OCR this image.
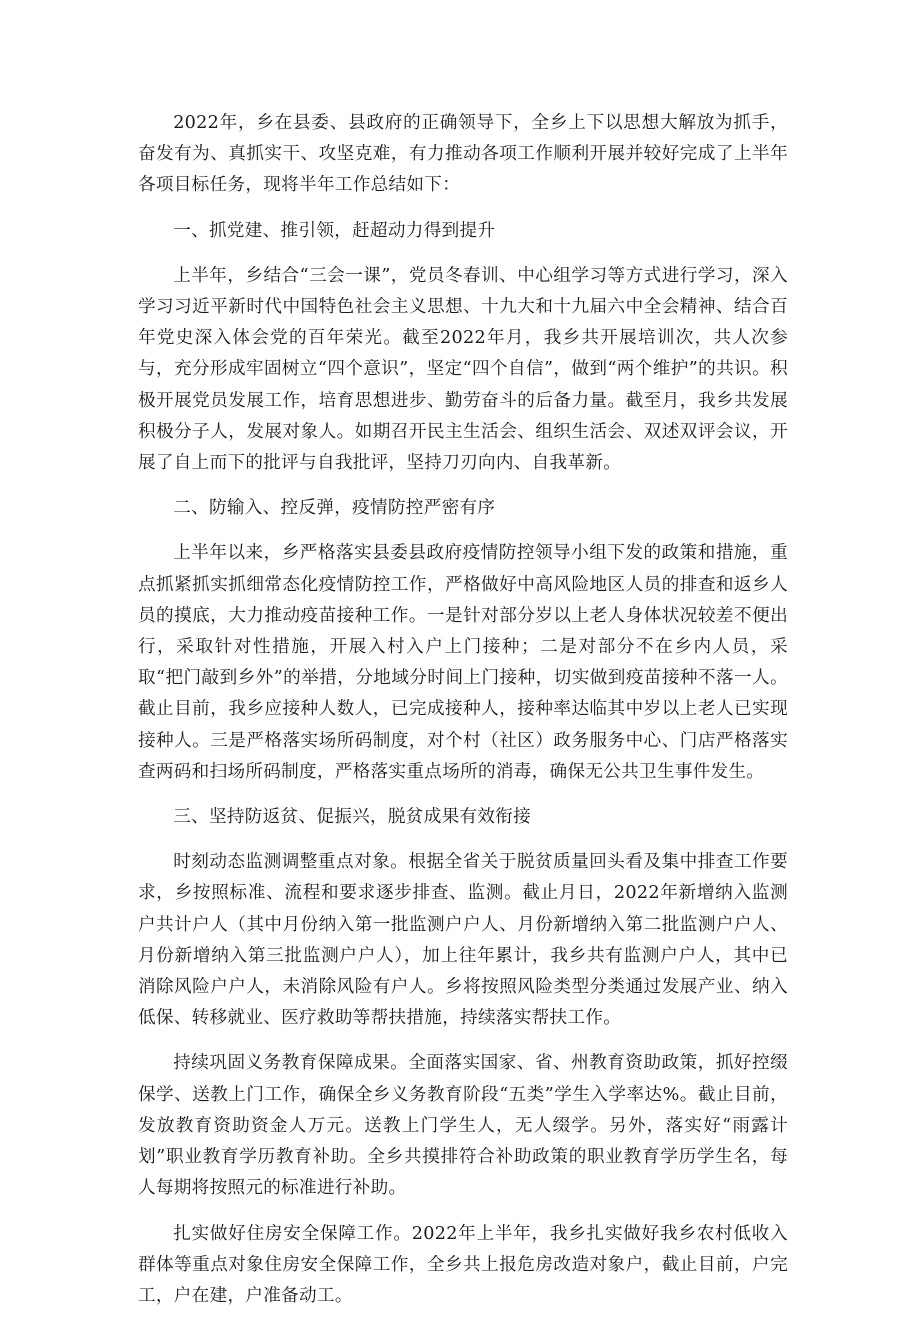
2022年，乡在县委、县政府的正确领导下，全乡上下以思想大解放为抓手，奋发有为、真抓实干、攻坚克难，有力推动各项工作顺利开展并较好完成了上半年各项目标任务，现将半年工作总结如下：

一、抓党建、推引领，赶超动力得到提升

上半年，乡结合“三会一课”，党员冬春训、中心组学习等方式进行学习，深入学习习近平新时代中国特色社会主义思想、十九大和十九届六中全会精神、结合百年党史深入体会党的百年荣光。截至2022年月，我乡共开展培训次，共人次参与，充分形成牢固树立“四个意识”，坚定“四个自信”，做到“两个维护”的共识。积极开展党员发展工作，培育思想进步、勤劳奋斗的后备力量。截至月，我乡共发展积极分子人，发展对象人。如期召开民主生活会、组织生活会、双述双评会议，开展了自上而下的批评与自我批评，坚持刀刃向内、自我革新。

二、防输入、控反弹，疫情防控严密有序

上半年以来，乡严格落实县委县政府疫情防控领导小组下发的政策和措施，重点抓紧抓实抓细常态化疫情防控工作，严格做好中高风险地区人员的排查和返乡人员的摸底，大力推动疫苗接种工作。一是针对部分岁以上老人身体状况较差不便出行，采取针对性措施，开展入村入户上门接种；二是对部分不在乡内人员，采取“把门敲到乡外”的举措，分地域分时间上门接种，切实做到疫苗接种不落一人。截止目前，我乡应接种人数人，已完成接种人，接种率达临其中岁以上老人已实现接种人。三是严格落实场所码制度，对个村（社区）政务服务中心、门店严格落实查两码和扫场所码制度，严格落实重点场所的消毒，确保无公共卫生事件发生。

三、坚持防返贫、促振兴，脱贫成果有效衔接

时刻动态监测调整重点对象。根据全省关于脱贫质量回头看及集中排查工作要求，乡按照标准、流程和要求逐步排查、监测。截止月日，2022年新增纳入监测户共计户人（其中月份纳入第一批监测户户人、月份新增纳入第二批监测户户人、月份新增纳入第三批监测户户人），加上往年累计，我乡共有监测户户人，其中已消除风险户户人，未消除风险有户人。乡将按照风险类型分类通过发展产业、纳入低保、转移就业、医疗救助等帮扶措施，持续落实帮扶工作。

持续巩固义务教育保障成果。全面落实国家、省、州教育资助政策，抓好控缀保学、送教上门工作，确保全乡义务教育阶段“五类”学生入学率达%。截止目前，发放教育资助资金人万元。送教上门学生人，无人缀学。另外，落实好“雨露计划”职业教育学历教育补助。全乡共摸排符合补助政策的职业教育学历学生名，每人每期将按照元的标准进行补助。

扎实做好住房安全保障工作。2022年上半年，我乡扎实做好我乡农村低收入群体等重点对象住房安全保障工作，全乡共上报危房改造对象户，截止目前，户完工，户在建，户准备动工。
